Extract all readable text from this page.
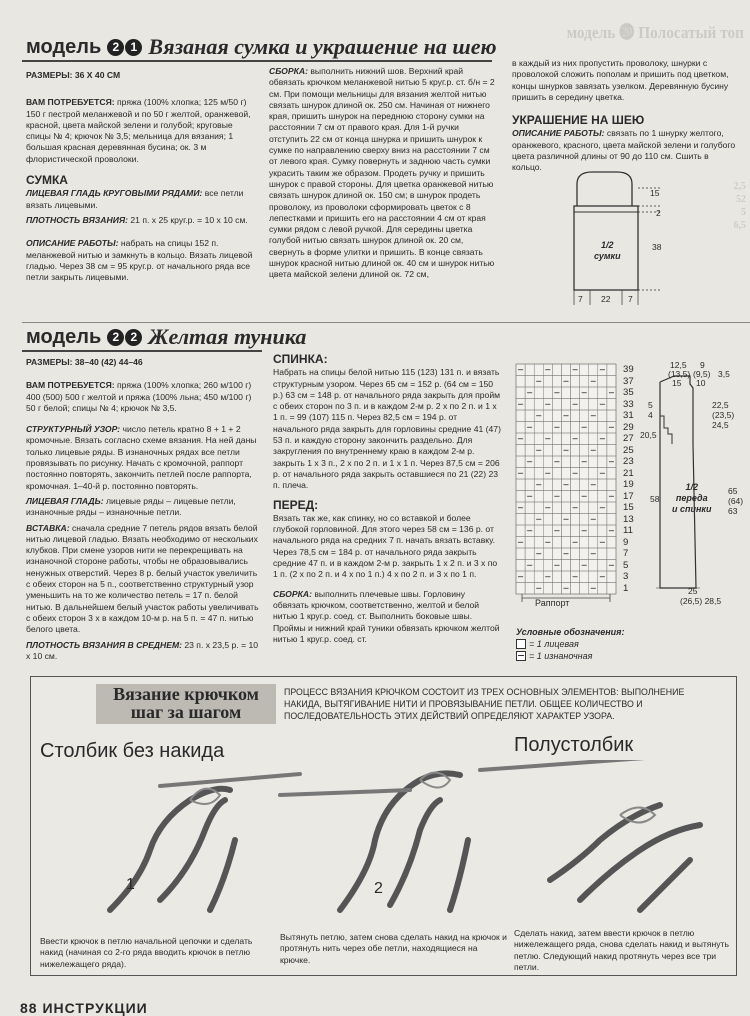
модель ⓴ Полосатый топ
2,5
52
5
6,5
модель 2 1 Вязаная сумка и украшение на шею

РАЗМЕРЫ: 36 X 40 СМ

ВАМ ПОТРЕБУЕТСЯ: пряжа (100% хлопка; 125 м/50 г) 150 г пестрой меланжевой и по 50 г желтой, оранжевой, красной, цвета майской зелени и голубой; круговые спицы № 4; крючок № 3,5; мельница для вязания; 1 большая красная деревянная бусина; ок. 3 м флористической проволоки.

СУМКА

ЛИЦЕВАЯ ГЛАДЬ КРУГОВЫМИ РЯДАМИ: все петли вязать лицевыми.

ПЛОТНОСТЬ ВЯЗАНИЯ: 21 п. x 25 круг.р. = 10 x 10 см.

ОПИСАНИЕ РАБОТЫ: набрать на спицы 152 п. меланжевой нитью и замкнуть в кольцо. Вязать лицевой гладью. Через 38 см = 95 круг.р. от начального ряда все петли закрыть лицевыми.

СБОРКА: выполнить нижний шов. Верхний край обвязать крючком меланжевой нитью 5 круг.р. ст. б/н = 2 см. При помощи мельницы для вязания желтой нитью связать шнурок длиной ок. 250 см. Начиная от нижнего края, пришить шнурок на переднюю сторону сумки на расстоянии 7 см от правого края. Для 1-й ручки отступить 22 см от конца шнурка и пришить шнурок к сумке по направлению сверху вниз на расстоянии 7 см от левого края. Сумку повернуть и заднюю часть сумки украсить таким же образом. Продеть ручку и пришить шнурок с правой стороны. Для цветка оранжевой нитью связать шнурок длиной ок. 150 см; в шнурок продеть проволоку, из проволоки сформировать цветок с 8 лепестками и пришить его на расстоянии 4 см от края сумки рядом с левой ручкой. Для середины цветка голубой нитью связать шнурок длиной ок. 20 см, свернуть в форме улитки и пришить. В конце связать шнурок красной нитью длиной ок. 40 см и шнурок нитью цвета майской зелени длиной ок. 72 см,

в каждый из них пропустить проволоку, шнурки с проволокой сложить пополам и пришить под цветком, концы шнурков завязать узелком. Деревянную бусину пришить в середину цветка.

УКРАШЕНИЕ НА ШЕЮ

ОПИСАНИЕ РАБОТЫ: связать по 1 шнурку желтого, оранжевого, красного, цвета майской зелени и голубого цвета различной длины от 90 до 110 см. Сшить в кольцо.

1/2
сумки
15
2
38
7 22 7
модель 2 2 Желтая туника

РАЗМЕРЫ: 38–40 (42) 44–46

ВАМ ПОТРЕБУЕТСЯ: пряжа (100% хлопка; 260 м/100 г) 400 (500) 500 г желтой и пряжа (100% льна; 450 м/100 г) 50 г белой; спицы № 4; крючок № 3,5.

СТРУКТУРНЫЙ УЗОР: число петель кратно 8 + 1 + 2 кромочные. Вязать согласно схеме вязания. На ней даны только лицевые ряды. В изнаночных рядах все петли провязывать по рисунку. Начать с кромочной, раппорт постоянно повторять, закончить петлей после раппорта, кромочная. 1–40-й р. постоянно повторять.

ЛИЦЕВАЯ ГЛАДЬ: лицевые ряды – лицевые петли, изнаночные ряды – изнаночные петли.

ВСТАВКА: сначала средние 7 петель рядов вязать белой нитью лицевой гладью. Вязать необходимо от нескольких клубков. При смене узоров нити не перекрещивать на изнаночной стороне работы, чтобы не образовывались ненужных отверстий. Через 8 р. белый участок увеличить с обеих сторон на 5 п., соответственно структурный узор уменьшить на то же количество петель = 17 п. белой нитью. В дальнейшем белый участок работы увеличивать с обеих сторон 3 x в каждом 10-м р. на 5 п. = 47 п. нитью белого цвета.

ПЛОТНОСТЬ ВЯЗАНИЯ В СРЕДНЕМ: 23 п. x 23,5 р. = 10 x 10 см.

СПИНКА:

Набрать на спицы белой нитью 115 (123) 131 п. и вязать структурным узором. Через 65 см = 152 р. (64 см = 150 р.) 63 см = 148 р. от начального ряда закрыть для пройм с обеих сторон по 3 п. и в каждом 2-м р. 2 x по 2 п. и 1 x 1 п. = 99 (107) 115 п. Через 82,5 см = 194 р. от начального ряда закрыть для горловины средние 41 (47) 53 п. и каждую сторону закончить раздельно. Для закругления по внутреннему краю в каждом 2-м р. закрыть 1 x 3 п., 2 x по 2 п. и 1 x 1 п. Через 87,5 см = 206 р. от начального ряда закрыть оставшиеся по 21 (22) 23 п. плеча.

ПЕРЕД:

Вязать так же, как спинку, но со вставкой и более глубокой горловиной. Для этого через 58 см = 136 р. от начального ряда на средних 7 п. начать вязать вставку. Через 78,5 см = 184 р. от начального ряда закрыть средние 47 п. и в каждом 2-м р. закрыть 1 x 2 п. и 3 x по 1 п. (2 x по 2 п. и 4 x по 1 п.) 4 x по 2 п. и 3 x по 1 п.

СБОРКА: выполнить плечевые швы. Горловину обвязать крючком, соответственно, желтой и белой нитью 1 круг.р. соед. ст. Выполнить боковые швы. Проймы и нижний край туники обвязать крючком желтой нитью 1 круг.р. соед. ст.

39
37
35
33
31
29
27
25
23
21
19
17
15
13
11
9
7
5
3
1
Раппорт
Условные обозначения:
= 1 лицевая
= 1 изнаночная
12,5
(13,5)
15
9
(9,5)
10
3,5
5
4
20,5
22,5
(23,5)
24,5
58
65
(64)
63
1/2
переда
и спинки
25
(26,5) 28,5
Вязание крючком
шаг за шагом
ПРОЦЕСС ВЯЗАНИЯ КРЮЧКОМ СОСТОИТ ИЗ ТРЕХ ОСНОВНЫХ ЭЛЕМЕНТОВ: ВЫПОЛНЕНИЕ НАКИДА, ВЫТЯГИВАНИЕ НИТИ И ПРОВЯЗЫВАНИЕ ПЕТЛИ. ОБЩЕЕ КОЛИЧЕСТВО И ПОСЛЕДОВАТЕЛЬНОСТЬ ЭТИХ ДЕЙСТВИЙ ОПРЕДЕЛЯЮТ ХАРАКТЕР УЗОРА.
Столбик без накида	Полустолбик
1	2
Ввести крючок в петлю начальной цепочки и сделать накид (начиная со 2-го ряда вводить крючок в петлю нижележащего ряда).
Вытянуть петлю, затем снова сделать накид на крючок и протянуть нить через обе петли, находящиеся на крючке.
Сделать накид, затем ввести крючок в петлю нижележащего ряда, снова сделать накид и вытянуть петлю. Следующий накид протянуть через все три петли.
88 ИНСТРУКЦИИ
